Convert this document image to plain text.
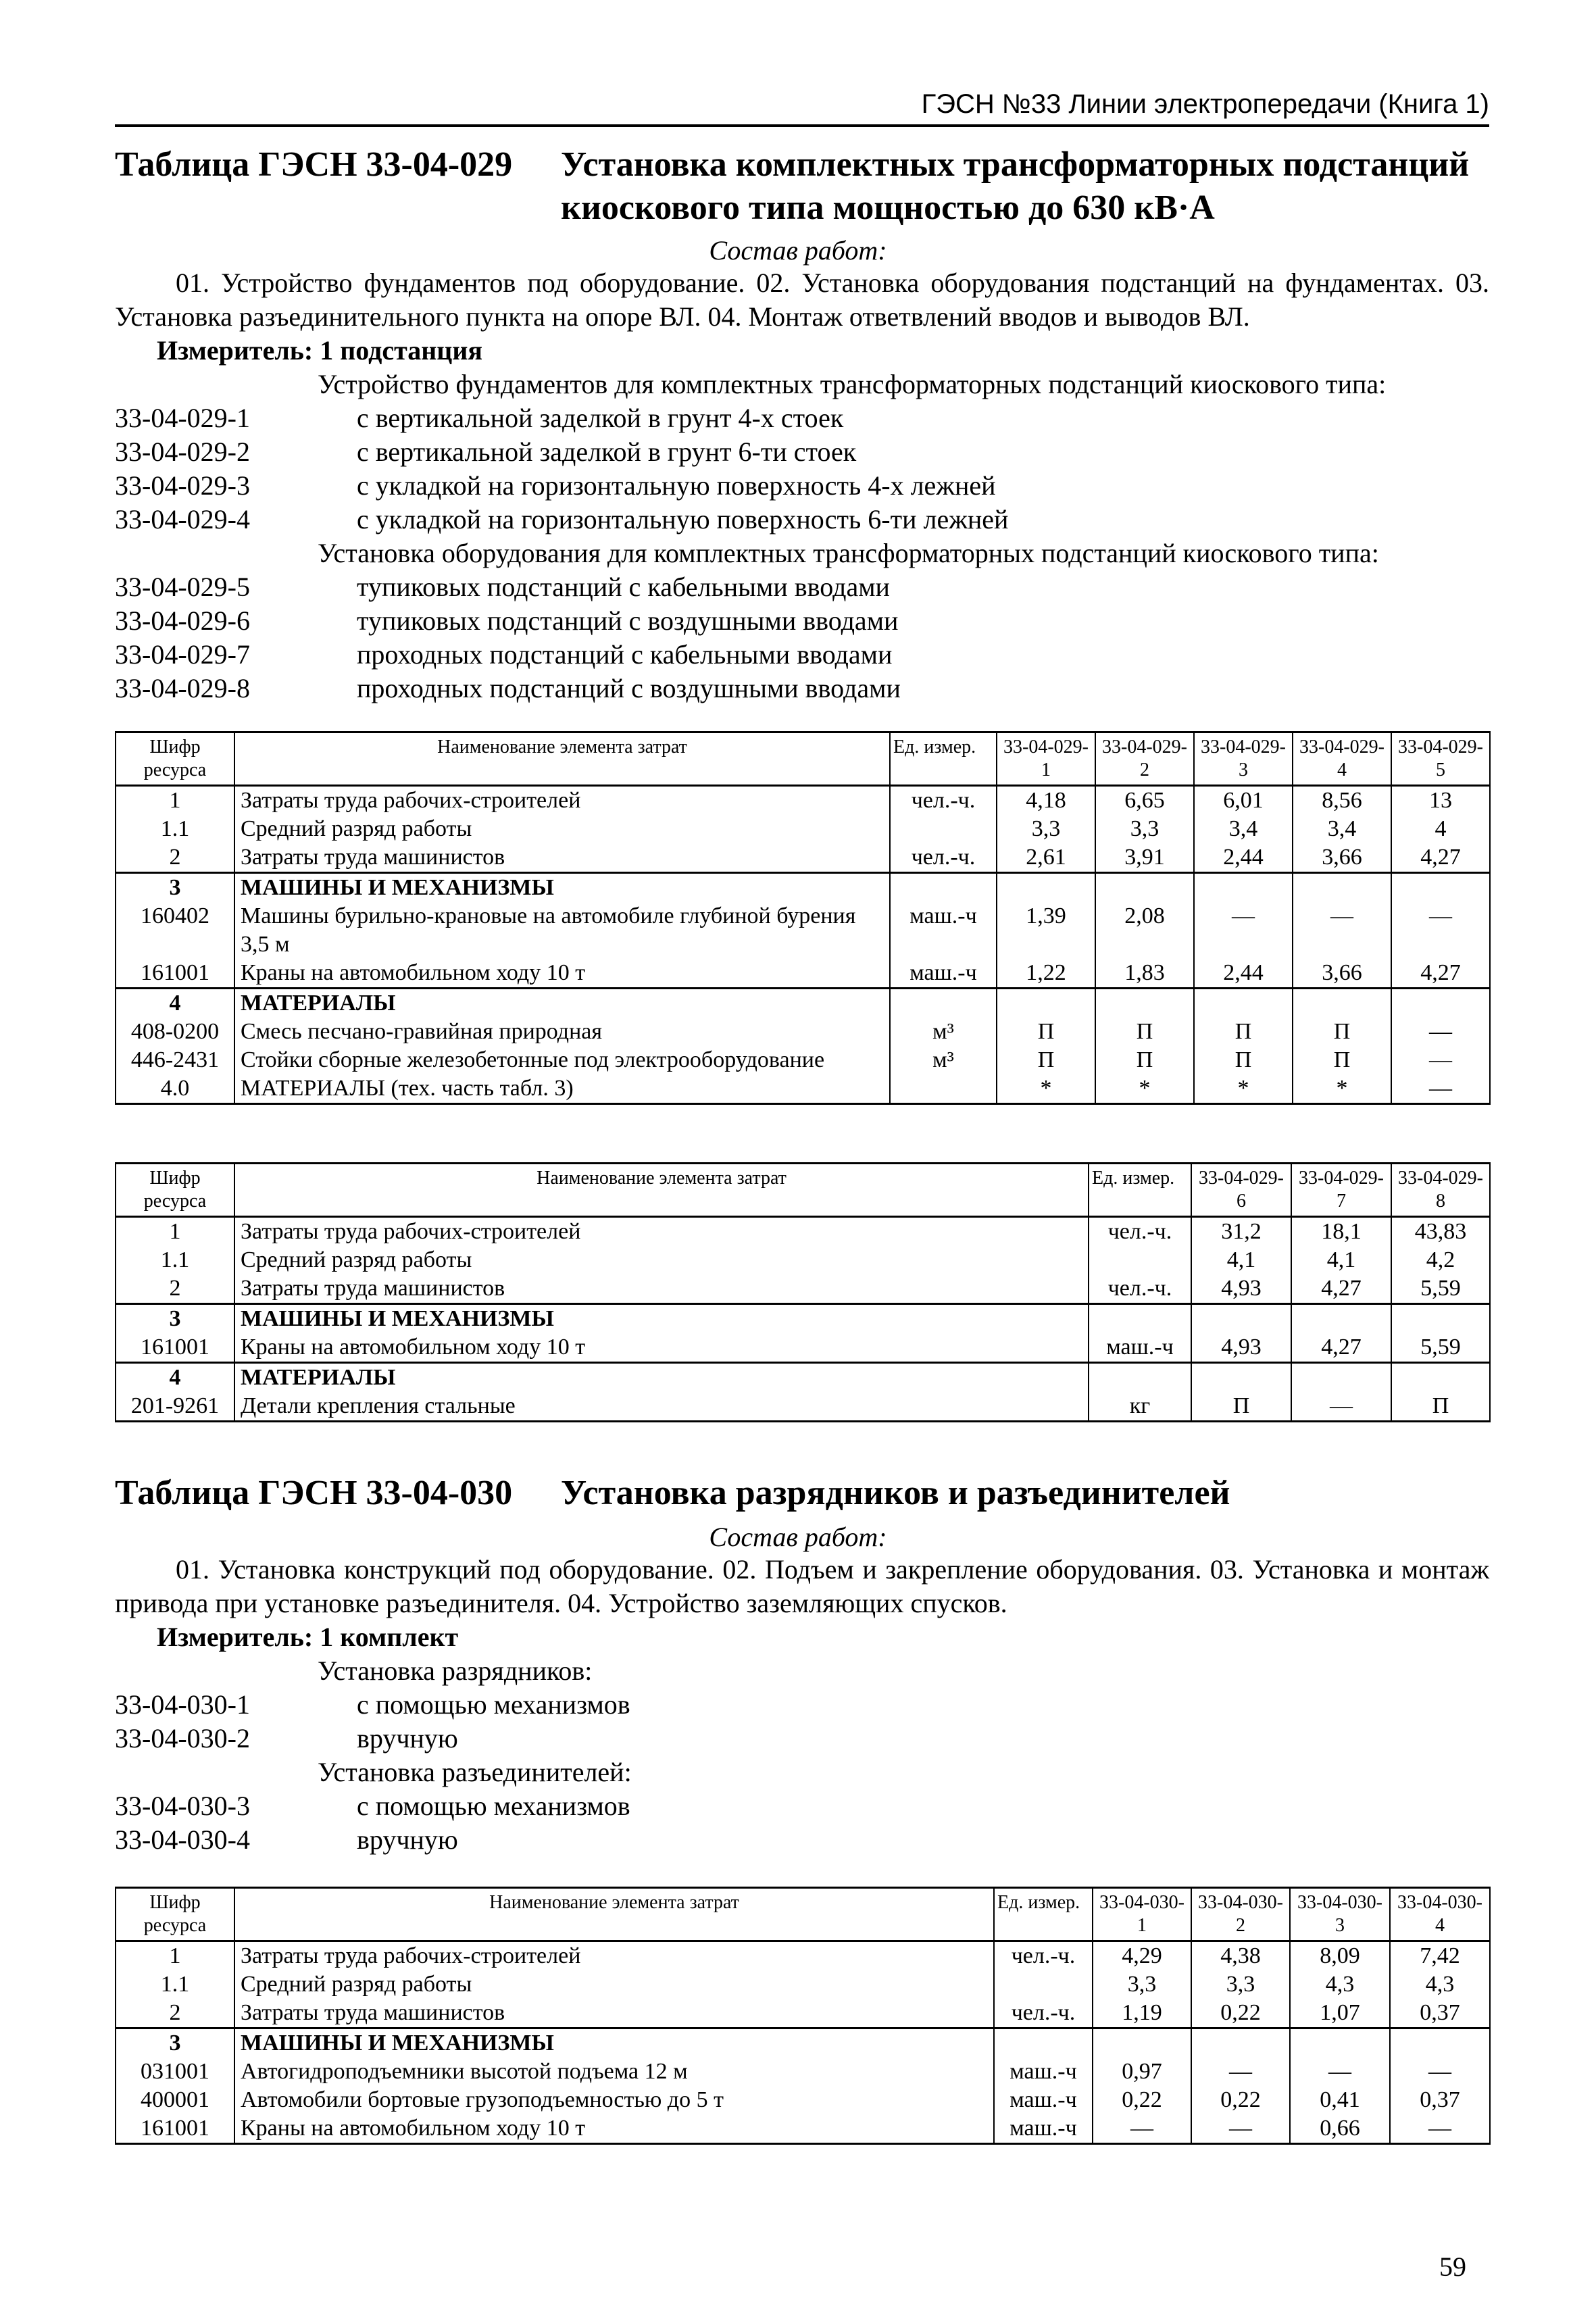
ГЭСН №33 Линии электропередачи (Книга 1)
Таблица ГЭСН 33-04-029 Установка комплектных трансформаторных подстанций киоскового типа мощностью до 630 кВ·А
Состав работ:
01. Устройство фундаментов под оборудование. 02. Установка оборудования подстанций на фундаментах. 03. Установка разъединительного пункта на опоре ВЛ. 04. Монтаж ответвлений вводов и выводов ВЛ.
Измеритель: 1 подстанция
Устройство фундаментов для комплектных трансформаторных подстанций киоскового типа:
33-04-029-1	с вертикальной заделкой в грунт 4-х стоек
33-04-029-2	с вертикальной заделкой в грунт 6-ти стоек
33-04-029-3	с укладкой на горизонтальную поверхность 4-х лежней
33-04-029-4	с укладкой на горизонтальную поверхность 6-ти лежней
Установка оборудования для комплектных трансформаторных подстанций киоскового типа:
33-04-029-5	тупиковых подстанций с кабельными вводами
33-04-029-6	тупиковых подстанций с воздушными вводами
33-04-029-7	проходных подстанций с кабельными вводами
33-04-029-8	проходных подстанций с воздушными вводами
Шифр ресурса	Наименование элемента затрат	Ед. измер.	33-04-029-1	33-04-029-2	33-04-029-3	33-04-029-4	33-04-029-5
1	Затраты труда рабочих-строителей	чел.-ч.	4,18	6,65	6,01	8,56	13
1.1	Средний разряд работы		3,3	3,3	3,4	3,4	4
2	Затраты труда машинистов	чел.-ч.	2,61	3,91	2,44	3,66	4,27
3	МАШИНЫ И МЕХАНИЗМЫ						
160402	Машины бурильно-крановые на автомобиле глубиной бурения 3,5 м	маш.-ч	1,39	2,08	—	—	—
161001	Краны на автомобильном ходу 10 т	маш.-ч	1,22	1,83	2,44	3,66	4,27
4	МАТЕРИАЛЫ						
408-0200	Смесь песчано-гравийная природная	м³	П	П	П	П	—
446-2431	Стойки сборные железобетонные под электрооборудование	м³	П	П	П	П	—
4.0	МАТЕРИАЛЫ (тех. часть табл. 3)		*	*	*	*	—
Шифр ресурса	Наименование элемента затрат	Ед. измер.	33-04-029-6	33-04-029-7	33-04-029-8
1	Затраты труда рабочих-строителей	чел.-ч.	31,2	18,1	43,83
1.1	Средний разряд работы		4,1	4,1	4,2
2	Затраты труда машинистов	чел.-ч.	4,93	4,27	5,59
3	МАШИНЫ И МЕХАНИЗМЫ				
161001	Краны на автомобильном ходу 10 т	маш.-ч	4,93	4,27	5,59
4	МАТЕРИАЛЫ				
201-9261	Детали крепления стальные	кг	П	—	П
Таблица ГЭСН 33-04-030 Установка разрядников и разъединителей
Состав работ:
01. Установка конструкций под оборудование. 02. Подъем и закрепление оборудования. 03. Установка и монтаж привода при установке разъединителя. 04. Устройство заземляющих спусков.
Измеритель: 1 комплект
Установка разрядников:
33-04-030-1	с помощью механизмов
33-04-030-2	вручную
Установка разъединителей:
33-04-030-3	с помощью механизмов
33-04-030-4	вручную
Шифр ресурса	Наименование элемента затрат	Ед. измер.	33-04-030-1	33-04-030-2	33-04-030-3	33-04-030-4
1	Затраты труда рабочих-строителей	чел.-ч.	4,29	4,38	8,09	7,42
1.1	Средний разряд работы		3,3	3,3	4,3	4,3
2	Затраты труда машинистов	чел.-ч.	1,19	0,22	1,07	0,37
3	МАШИНЫ И МЕХАНИЗМЫ					
031001	Автогидроподъемники высотой подъема 12 м	маш.-ч	0,97	—	—	—
400001	Автомобили бортовые грузоподъемностью до 5 т	маш.-ч	0,22	0,22	0,41	0,37
161001	Краны на автомобильном ходу 10 т	маш.-ч	—	—	0,66	—
59
